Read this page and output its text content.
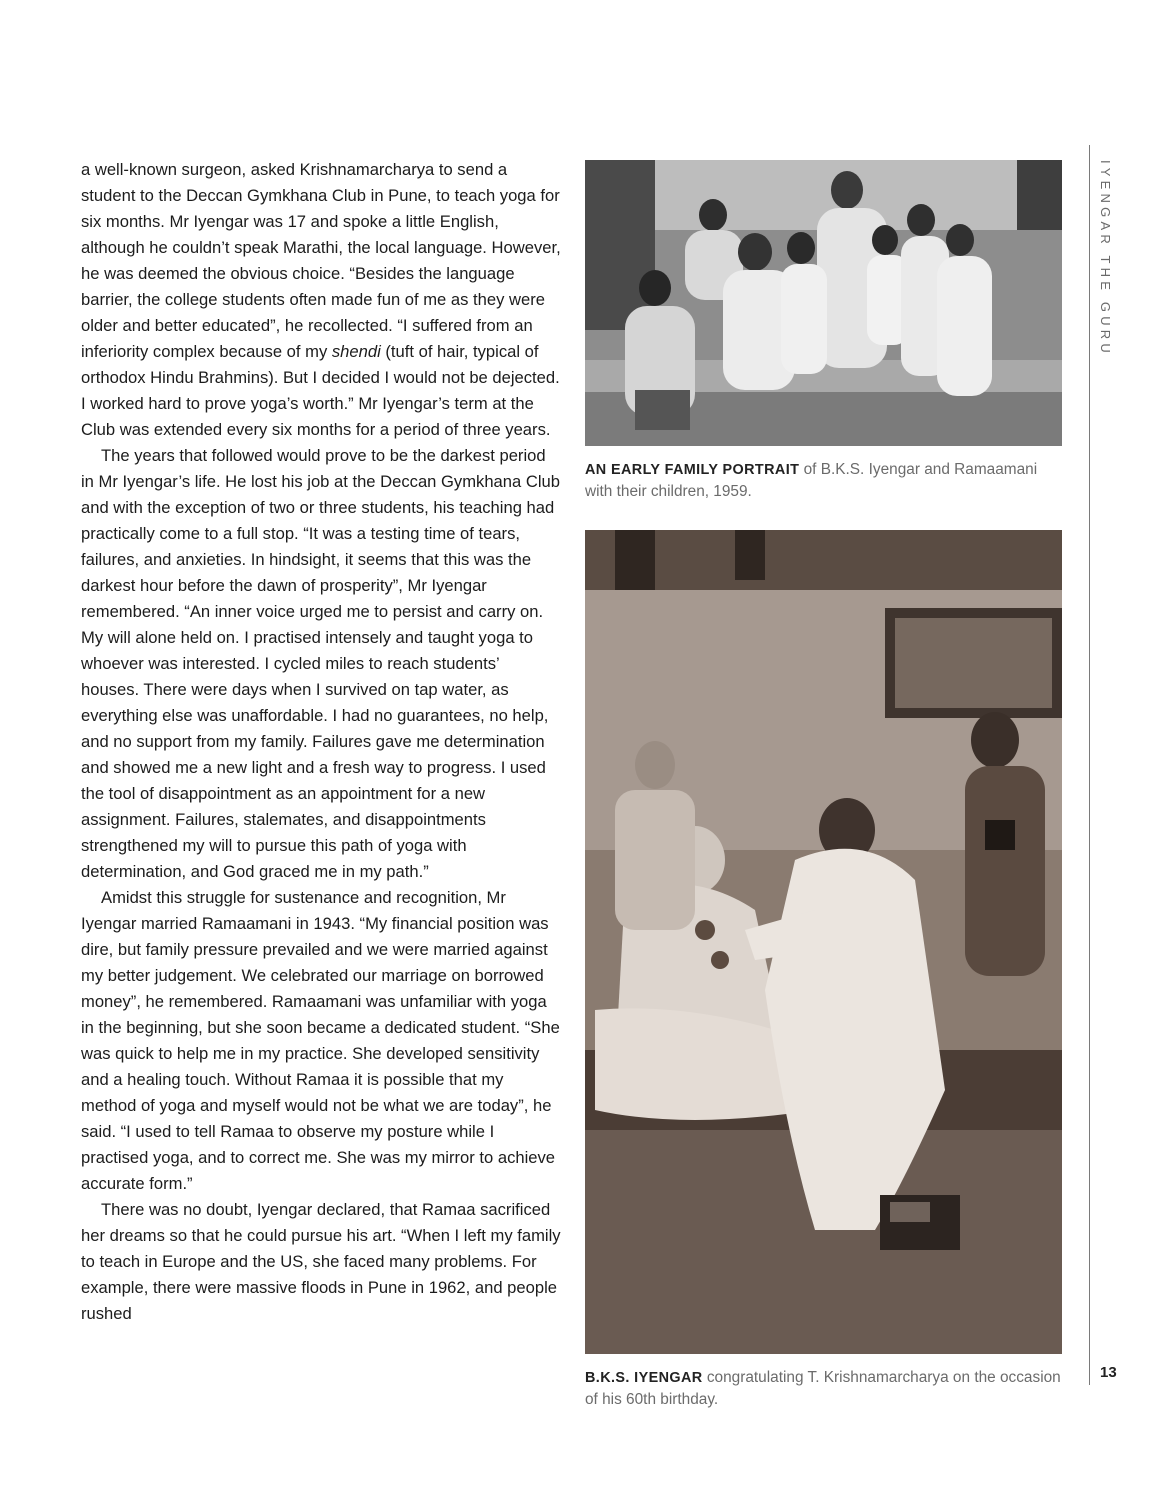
a well-known surgeon, asked Krishnamarcharya to send a student to the Deccan Gymkhana Club in Pune, to teach yoga for six months. Mr Iyengar was 17 and spoke a little English, although he couldn’t speak Marathi, the local language. However, he was deemed the obvious choice. “Besides the language barrier, the college students often made fun of me as they were older and better educated”, he recollected. “I suffered from an inferiority complex because of my shendi (tuft of hair, typical of orthodox Hindu Brahmins). But I decided I would not be dejected. I worked hard to prove yoga’s worth.” Mr Iyengar’s term at the Club was extended every six months for a period of three years.

The years that followed would prove to be the darkest period in Mr Iyengar’s life. He lost his job at the Deccan Gymkhana Club and with the exception of two or three students, his teaching had practically come to a full stop. “It was a testing time of tears, failures, and anxieties. In hindsight, it seems that this was the darkest hour before the dawn of prosperity”, Mr Iyengar remembered. “An inner voice urged me to persist and carry on. My will alone held on. I practised intensely and taught yoga to whoever was interested. I cycled miles to reach students’ houses. There were days when I survived on tap water, as everything else was unaffordable. I had no guarantees, no help, and no support from my family. Failures gave me determination and showed me a new light and a fresh way to progress. I used the tool of disappointment as an appointment for a new assignment. Failures, stalemates, and disappointments strengthened my will to pursue this path of yoga with determination, and God graced me in my path.”

Amidst this struggle for sustenance and recognition, Mr Iyengar married Ramaamani in 1943. “My financial position was dire, but family pressure prevailed and we were married against my better judgement. We celebrated our marriage on borrowed money”, he remembered. Ramaamani was unfamiliar with yoga in the beginning, but she soon became a dedicated student. “She was quick to help me in my practice. She developed sensitivity and a healing touch. Without Ramaa it is possible that my method of yoga and myself would not be what we are today”, he said. “I used to tell Ramaa to observe my posture while I practised yoga, and to correct me. She was my mirror to achieve accurate form.”

There was no doubt, Iyengar declared, that Ramaa sacrificed her dreams so that he could pursue his art. “When I left my family to teach in Europe and the US, she faced many problems. For example, there were massive floods in Pune in 1962, and people rushed

AN EARLY FAMILY PORTRAIT of B.K.S. Iyengar and Ramaamani with their children, 1959.
B.K.S. IYENGAR congratulating T. Krishnamarcharya on the occasion of his 60th birthday.
IYENGAR THE GURU
13
